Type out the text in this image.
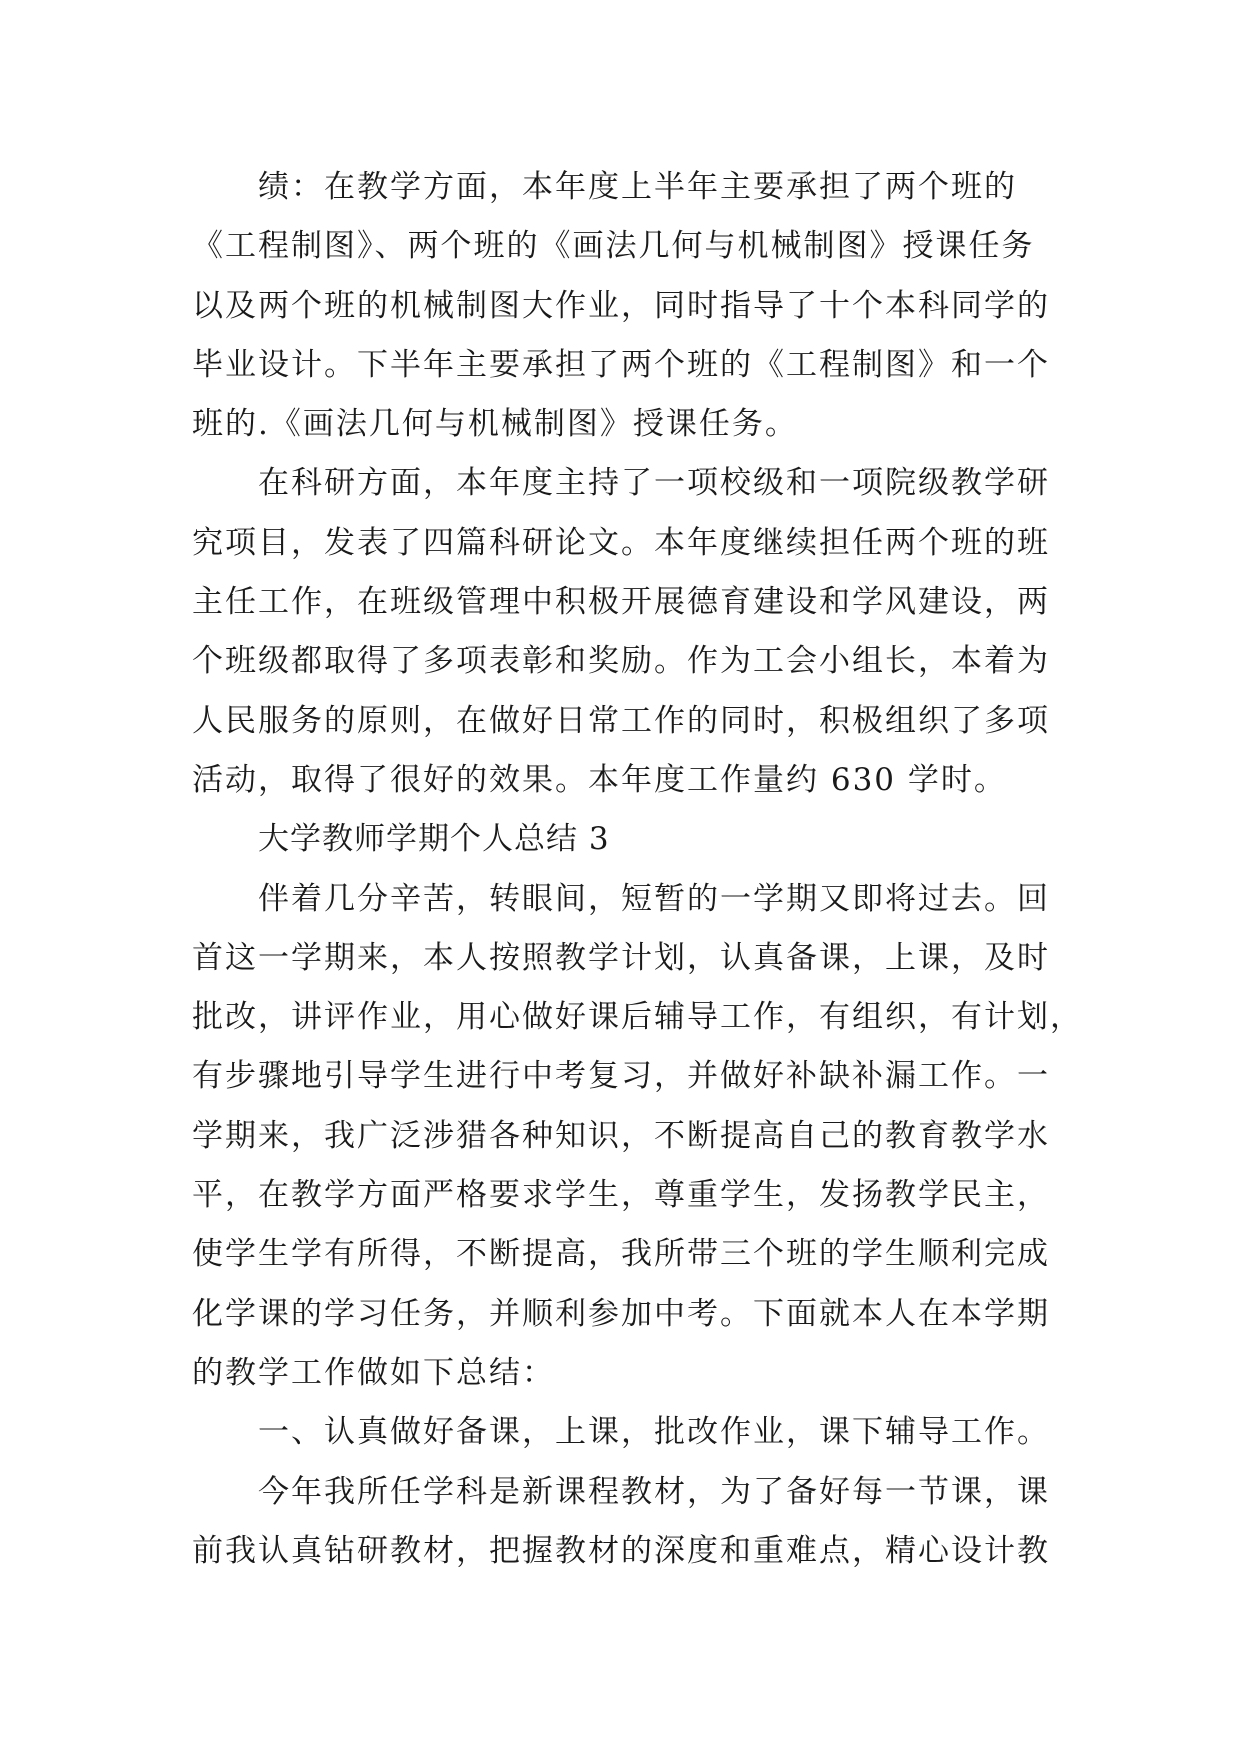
绩：在教学方面，本年度上半年主要承担了两个班的
《工程制图》、两个班的《画法几何与机械制图》授课任务
以及两个班的机械制图大作业，同时指导了十个本科同学的
毕业设计。下半年主要承担了两个班的《工程制图》和一个
班的.《画法几何与机械制图》授课任务。
在科研方面，本年度主持了一项校级和一项院级教学研
究项目，发表了四篇科研论文。本年度继续担任两个班的班
主任工作，在班级管理中积极开展德育建设和学风建设，两
个班级都取得了多项表彰和奖励。作为工会小组长，本着为
人民服务的原则，在做好日常工作的同时，积极组织了多项
活动，取得了很好的效果。本年度工作量约 630 学时。
大学教师学期个人总结 3
伴着几分辛苦，转眼间，短暂的一学期又即将过去。回
首这一学期来，本人按照教学计划，认真备课，上课，及时
批改，讲评作业，用心做好课后辅导工作，有组织，有计划，
有步骤地引导学生进行中考复习，并做好补缺补漏工作。一
学期来，我广泛涉猎各种知识，不断提高自己的教育教学水
平，在教学方面严格要求学生，尊重学生，发扬教学民主，
使学生学有所得，不断提高，我所带三个班的学生顺利完成
化学课的学习任务，并顺利参加中考。下面就本人在本学期
的教学工作做如下总结：
一、认真做好备课，上课，批改作业，课下辅导工作。
今年我所任学科是新课程教材，为了备好每一节课，课
前我认真钻研教材，把握教材的深度和重难点，精心设计教
